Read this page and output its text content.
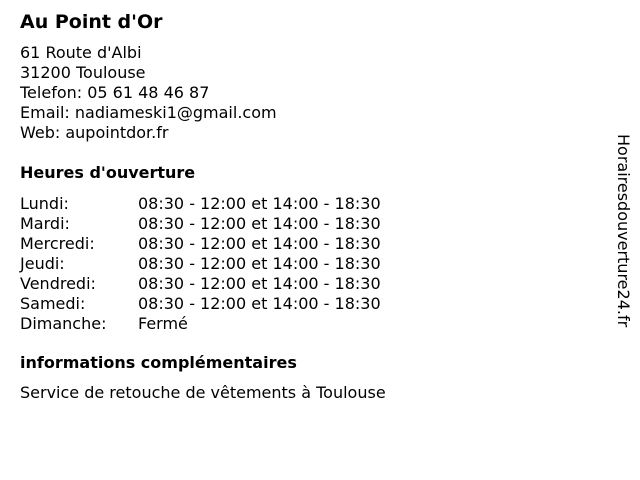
Au Point d'Or
61 Route d'Albi
31200 Toulouse
Telefon: 05 61 48 46 87
Email: nadiameski1@gmail.com
Web: aupointdor.fr
Heures d'ouverture
Lundi:	08:30 - 12:00 et 14:00 - 18:30
Mardi:	08:30 - 12:00 et 14:00 - 18:30
Mercredi:	08:30 - 12:00 et 14:00 - 18:30
Jeudi:	08:30 - 12:00 et 14:00 - 18:30
Vendredi:	08:30 - 12:00 et 14:00 - 18:30
Samedi:	08:30 - 12:00 et 14:00 - 18:30
Dimanche: Fermé
informations complémentaires
Service de retouche de vêtements à Toulouse
Horairesdouverture24.fr
